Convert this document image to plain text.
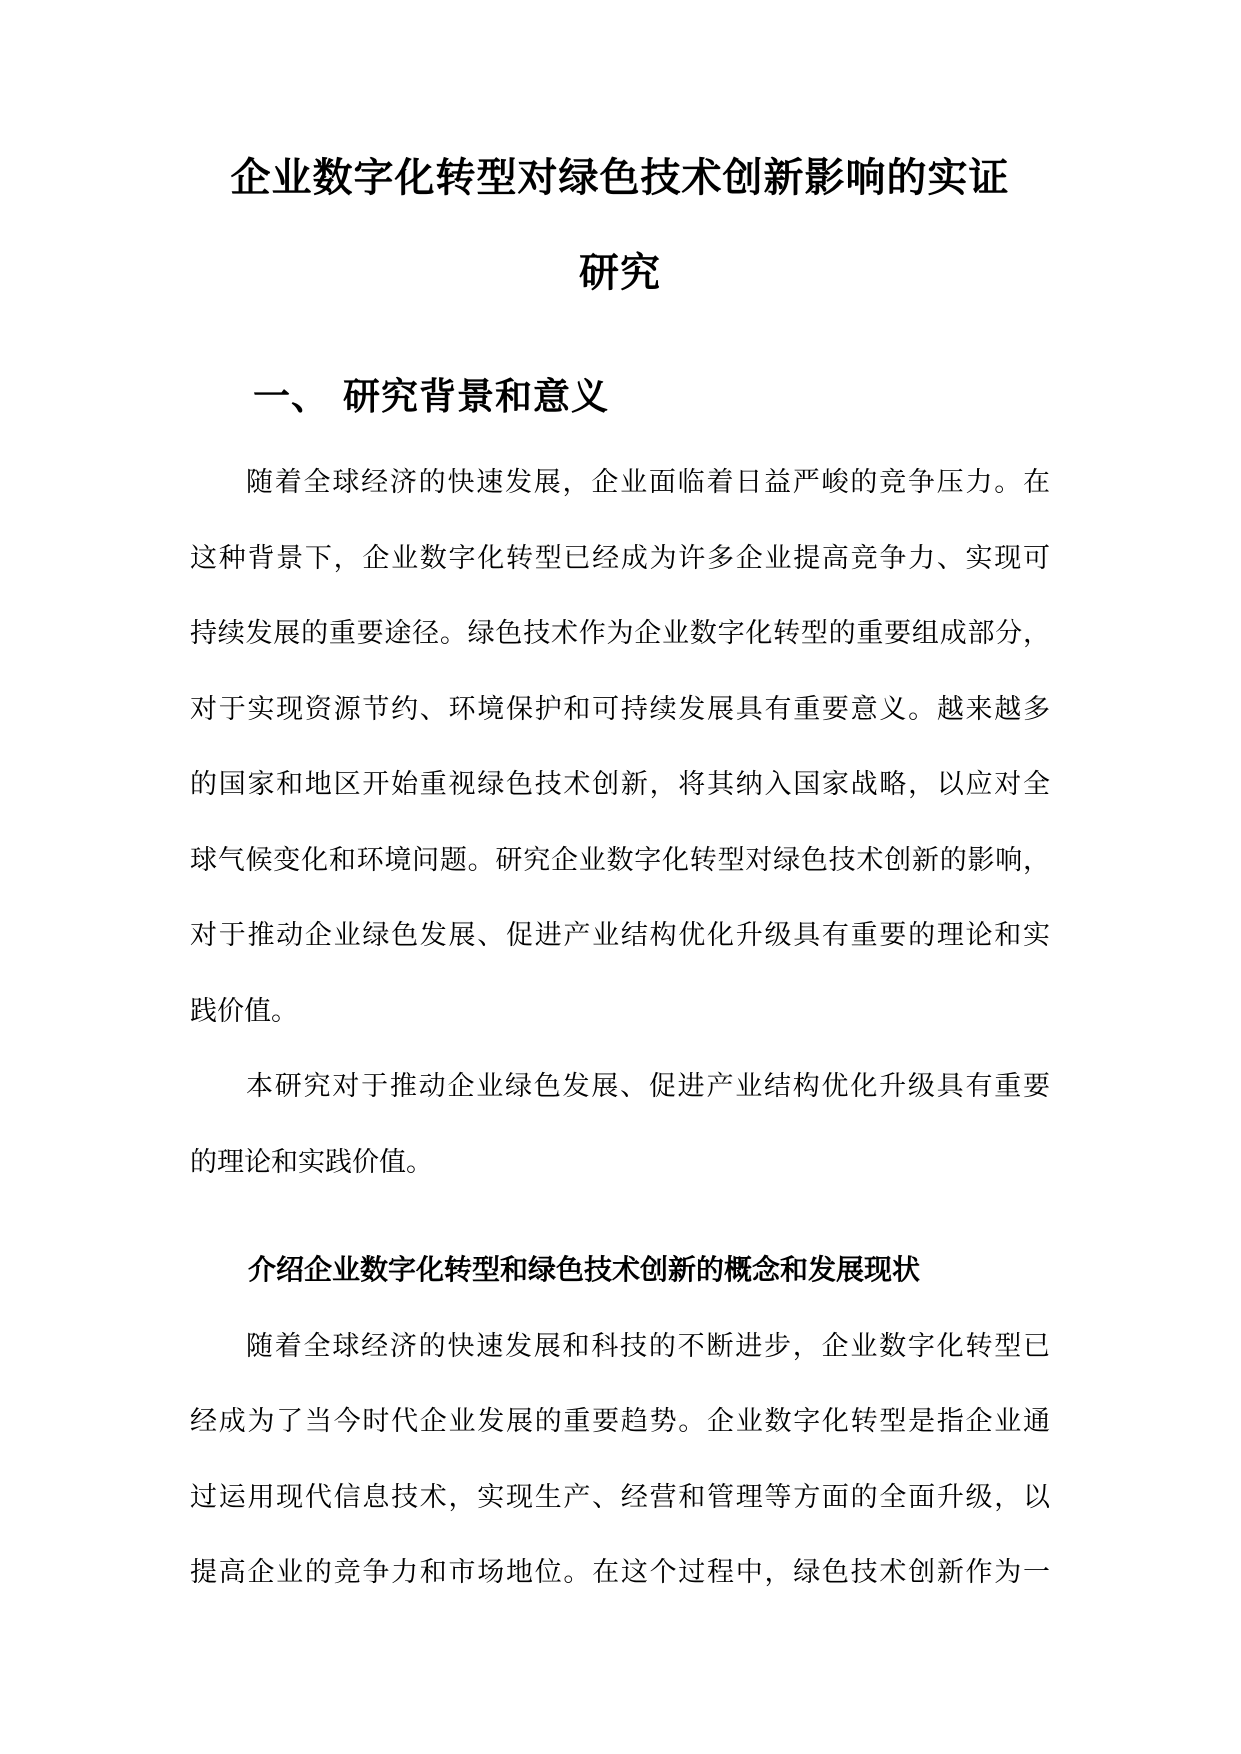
企业数字化转型对绿色技术创新影响的实证
研究
一、 研究背景和意义

随着全球经济的快速发展，企业面临着日益严峻的竞争压力。在
这种背景下，企业数字化转型已经成为许多企业提高竞争力、实现可
持续发展的重要途径。绿色技术作为企业数字化转型的重要组成部分，
对于实现资源节约、环境保护和可持续发展具有重要意义。越来越多
的国家和地区开始重视绿色技术创新，将其纳入国家战略，以应对全
球气候变化和环境问题。研究企业数字化转型对绿色技术创新的影响，
对于推动企业绿色发展、促进产业结构优化升级具有重要的理论和实
践价值。

本研究对于推动企业绿色发展、促进产业结构优化升级具有重要
的理论和实践价值。

介绍企业数字化转型和绿色技术创新的概念和发展现状

随着全球经济的快速发展和科技的不断进步，企业数字化转型已
经成为了当今时代企业发展的重要趋势。企业数字化转型是指企业通
过运用现代信息技术，实现生产、经营和管理等方面的全面升级，以
提高企业的竞争力和市场地位。在这个过程中，绿色技术创新作为一
